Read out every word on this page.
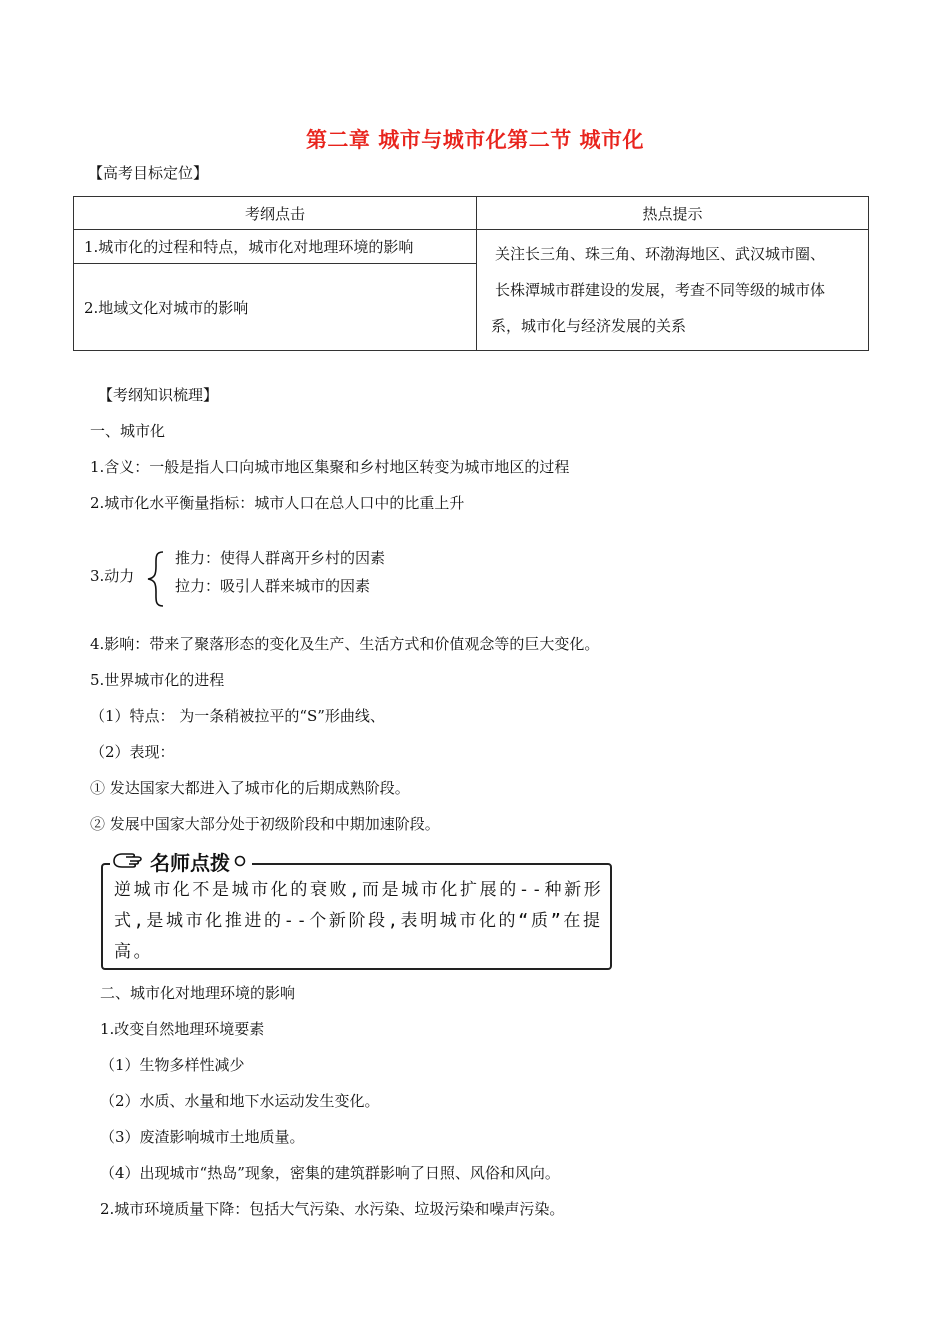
第二章 城市与城市化第二节 城市化
【高考目标定位】
考纲点击	热点提示
1.城市化的过程和特点，城市化对地理环境的影响	关注长三角、珠三角、环渤海地区、武汉城市圈、
长株潭城市群建设的发展，考查不同等级的城市体
系，城市化与经济发展的关系

2.地域文化对城市的影响	
【考纲知识梳理】
一、城市化
1.含义：一般是指人口向城市地区集聚和乡村地区转变为城市地区的过程
2.城市化水平衡量指标：城市人口在总人口中的比重上升
3.动力
推力：使得人群离开乡村的因素
拉力：吸引人群来城市的因素
4.影响：带来了聚落形态的变化及生产、生活方式和价值观念等的巨大变化。
5.世界城市化的进程
（1）特点： 为一条稍被拉平的“S”形曲线、
（2）表现：
① 发达国家大都进入了城市化的后期成熟阶段。
② 发展中国家大部分处于初级阶段和中期加速阶段。
名师点拨
逆城市化不是城市化的衰败,而是城市化扩展的--种新形式,是城市化推进的--个新阶段,表明城市化的“质”在提高。
二、城市化对地理环境的影响
1.改变自然地理环境要素
（1）生物多样性减少
（2）水质、水量和地下水运动发生变化。
（3）废渣影响城市土地质量。
（4）出现城市“热岛”现象，密集的建筑群影响了日照、风俗和风向。
2.城市环境质量下降：包括大气污染、水污染、垃圾污染和噪声污染。
